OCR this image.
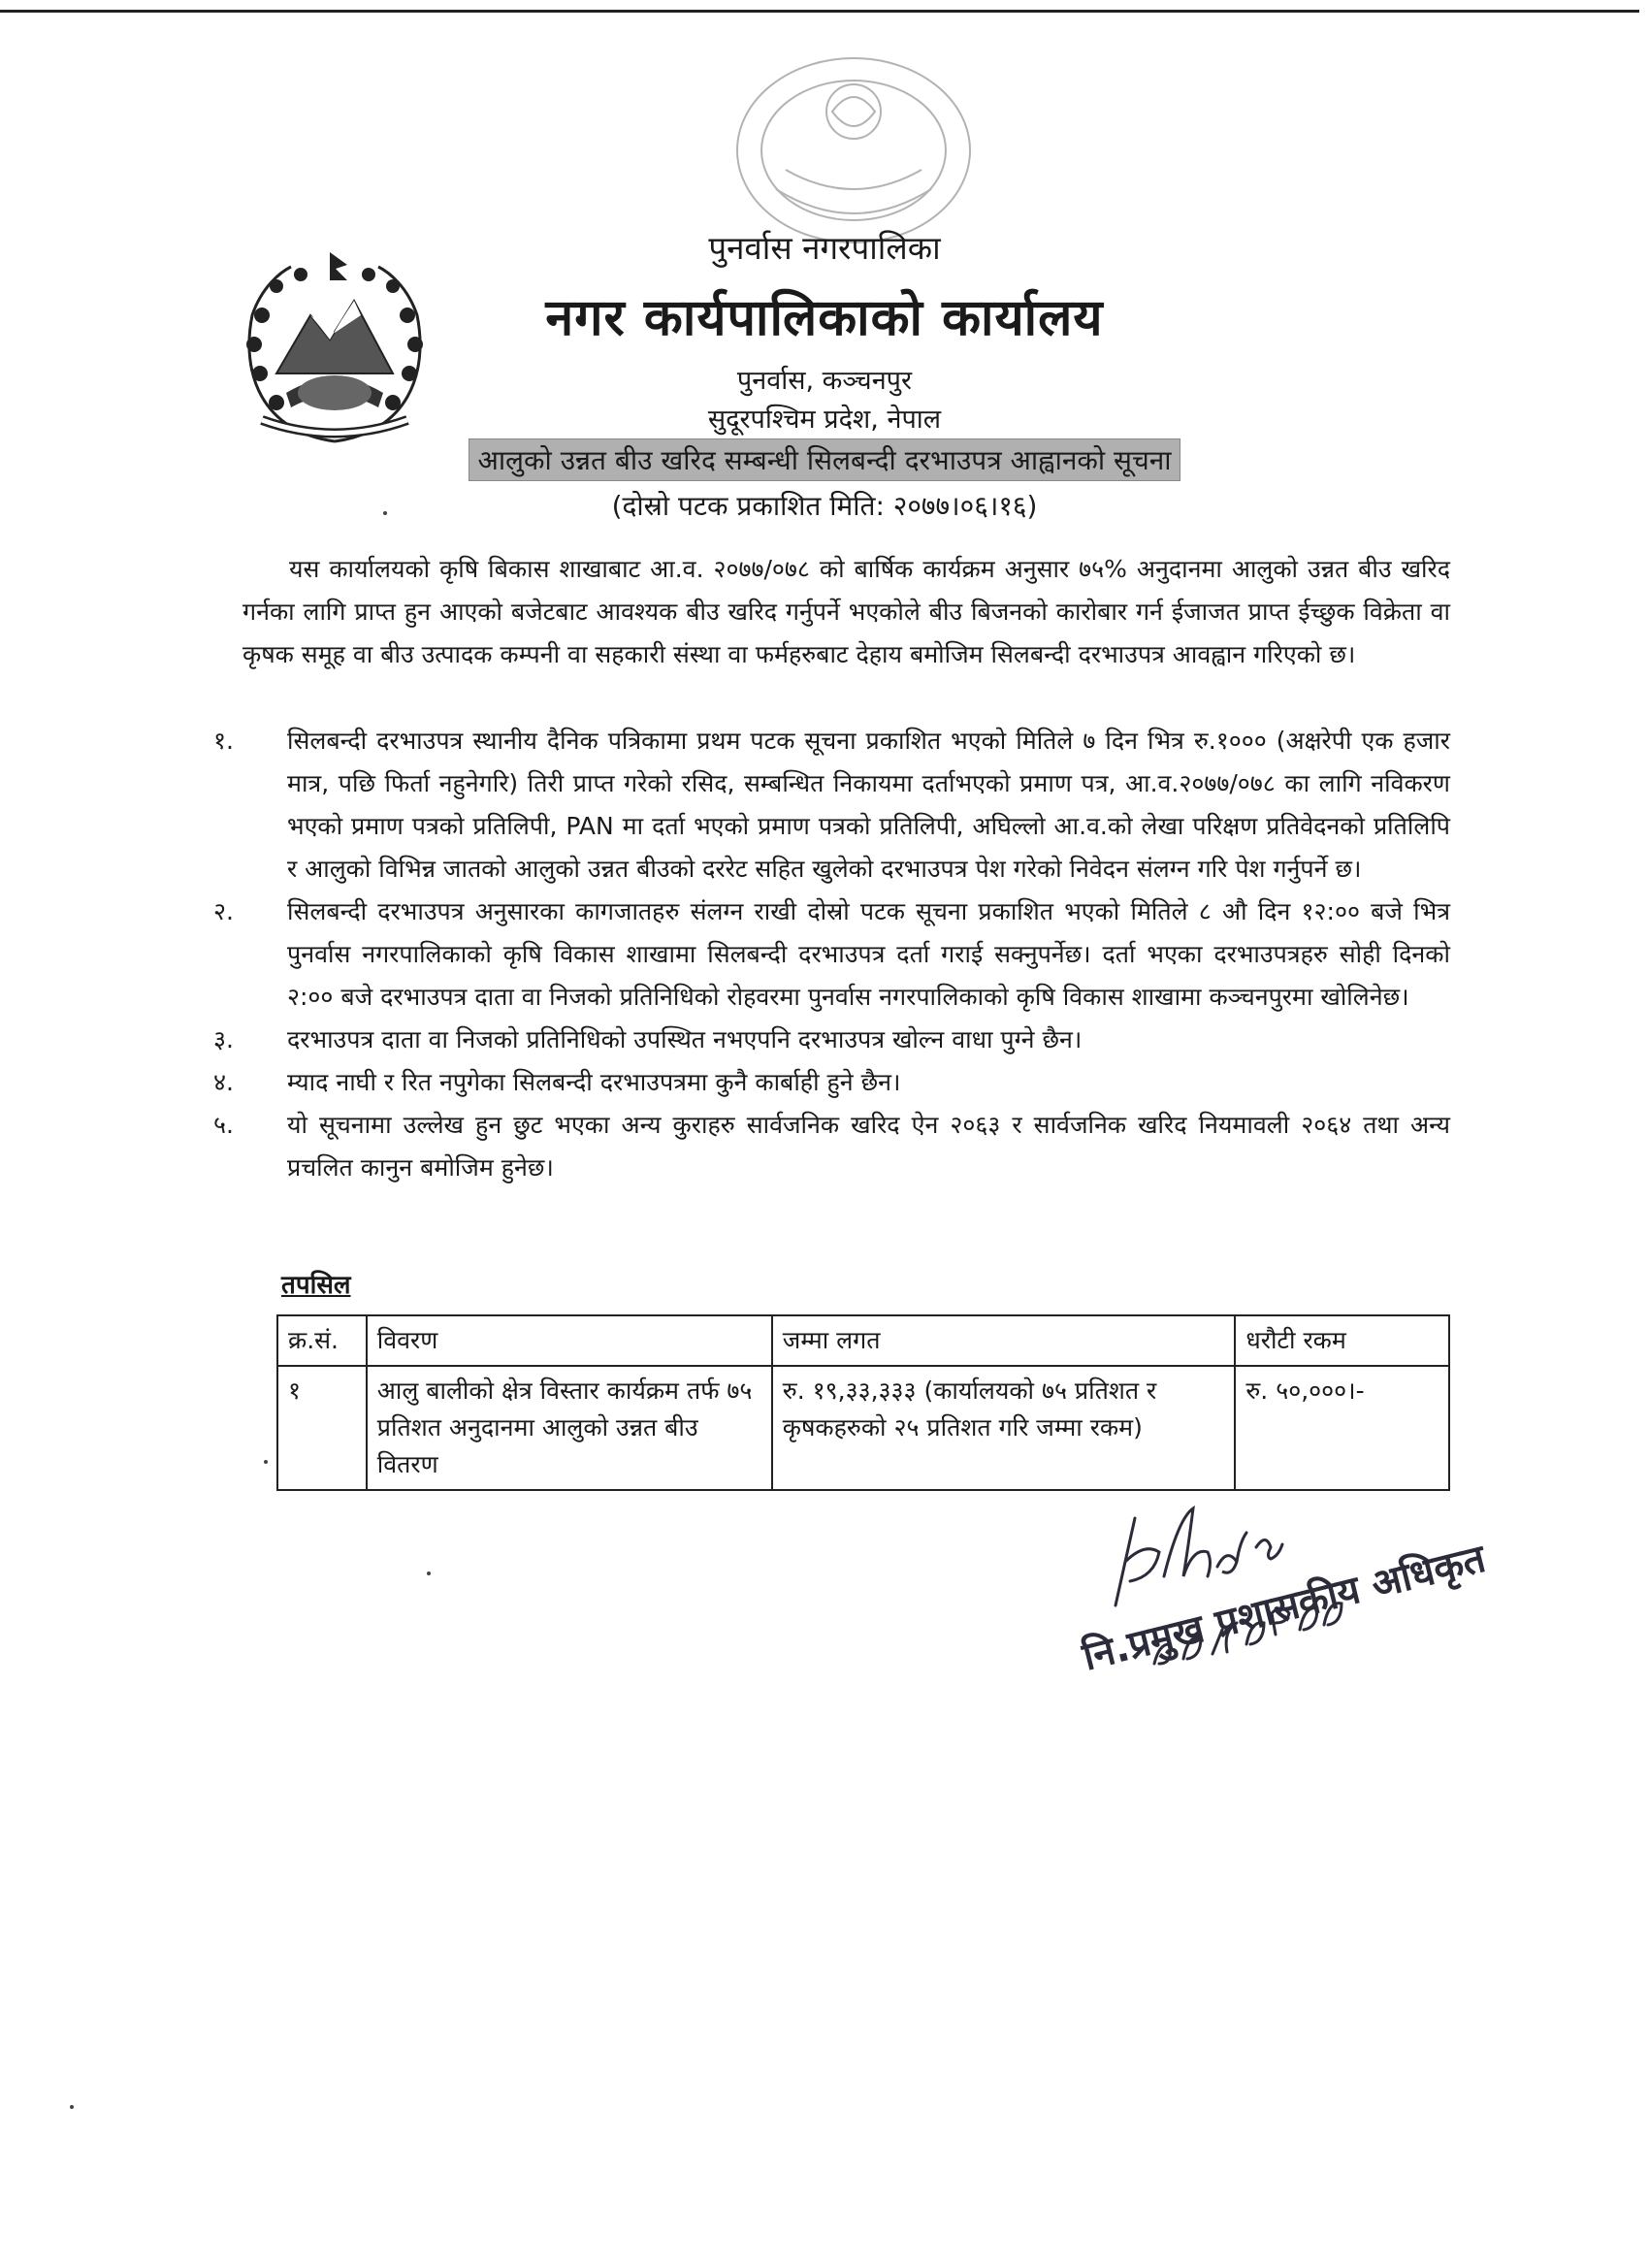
पुनर्वास नगरपालिका
नगर कार्यपालिकाको कार्यालय
पुनर्वास, कञ्चनपुर
सुदूरपश्चिम प्रदेश, नेपाल
आलुको उन्नत बीउ खरिद सम्बन्धी सिलबन्दी दरभाउपत्र आह्वानको सूचना
(दोस्रो पटक प्रकाशित मिति: २०७७।०६।१६)

यस कार्यालयको कृषि बिकास शाखाबाट आ.व. २०७७/०७८ को बार्षिक कार्यक्रम अनुसार ७५% अनुदानमा आलुको उन्नत बीउ खरिद गर्नका लागि प्राप्त हुन आएको बजेटबाट आवश्यक बीउ खरिद गर्नुपर्ने भएकोले बीउ बिजनको कारोबार गर्न ईजाजत प्राप्त ईच्छुक विक्रेता वा कृषक समूह वा बीउ उत्पादक कम्पनी वा सहकारी संस्था वा फर्महरुबाट देहाय बमोजिम सिलबन्दी दरभाउपत्र आवह्वान गरिएको छ।

१.	सिलबन्दी दरभाउपत्र स्थानीय दैनिक पत्रिकामा प्रथम पटक सूचना प्रकाशित भएको मितिले ७ दिन भित्र रु.१००० (अक्षरेपी एक हजार मात्र, पछि फिर्ता नहुनेगरि) तिरी प्राप्त गरेको रसिद, सम्बन्धित निकायमा दर्ताभएको प्रमाण पत्र, आ.व.२०७७/०७८ का लागि नविकरण भएको प्रमाण पत्रको प्रतिलिपी, PAN मा दर्ता भएको प्रमाण पत्रको प्रतिलिपी, अघिल्लो आ.व.को लेखा परिक्षण प्रतिवेदनको प्रतिलिपि र आलुको विभिन्न जातको आलुको उन्नत बीउको दररेट सहित खुलेको दरभाउपत्र पेश गरेको निवेदन संलग्न गरि पेश गर्नुपर्ने छ।
२.	सिलबन्दी दरभाउपत्र अनुसारका कागजातहरु संलग्न राखी दोस्रो पटक सूचना प्रकाशित भएको मितिले ८ औ दिन १२:०० बजे भित्र पुनर्वास नगरपालिकाको कृषि विकास शाखामा सिलबन्दी दरभाउपत्र दर्ता गराई सक्नुपर्नेछ। दर्ता भएका दरभाउपत्रहरु सोही दिनको २:०० बजे दरभाउपत्र दाता वा निजको प्रतिनिधिको रोहवरमा पुनर्वास नगरपालिकाको कृषि विकास शाखामा कञ्चनपुरमा खोलिनेछ।
३.	दरभाउपत्र दाता वा निजको प्रतिनिधिको उपस्थित नभएपनि दरभाउपत्र खोल्न वाधा पुग्ने छैन।
४.	म्याद नाघी र रित नपुगेका सिलबन्दी दरभाउपत्रमा कुनै कार्बाही हुने छैन।
५.	यो सूचनामा उल्लेख हुन छुट भएका अन्य कुराहरु सार्वजनिक खरिद ऐन २०६३ र सार्वजनिक खरिद नियमावली २०६४ तथा अन्य प्रचलित कानुन बमोजिम हुनेछ।
तपसिल
क्र.सं.	विवरण	जम्मा लगत	धरौटी रकम
१	आलु बालीको क्षेत्र विस्तार कार्यक्रम तर्फ ७५ प्रतिशत अनुदानमा आलुको उन्नत बीउ वितरण	रु. १९,३३,३३३ (कार्यालयको ७५ प्रतिशत र कृषकहरुको २५ प्रतिशत गरि जम्मा रकम)	रु. ५०,०००।-
नि.प्रमुख प्रशासकीय अधिकृत
